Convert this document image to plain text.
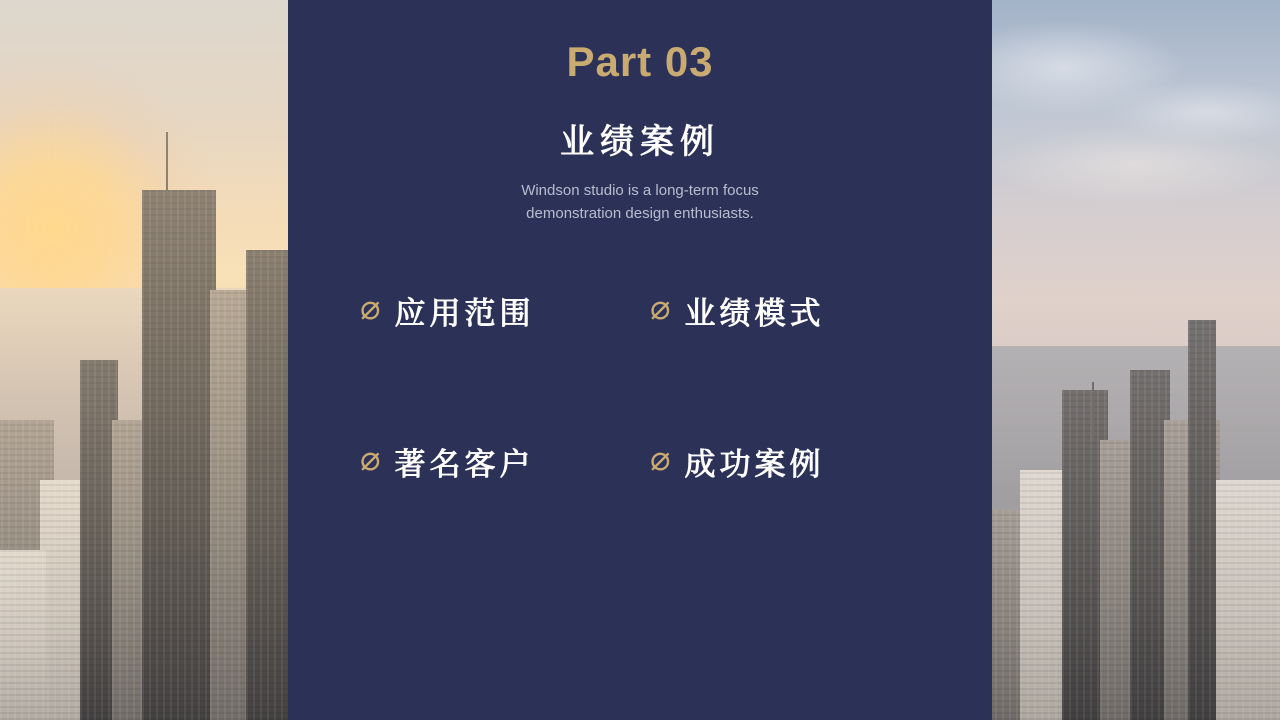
Part 03
业绩案例
Windson studio is a long-term focus
demonstration design enthusiasts.
⌀ 应用范围	⌀ 业绩模式
⌀ 著名客户	⌀ 成功案例
